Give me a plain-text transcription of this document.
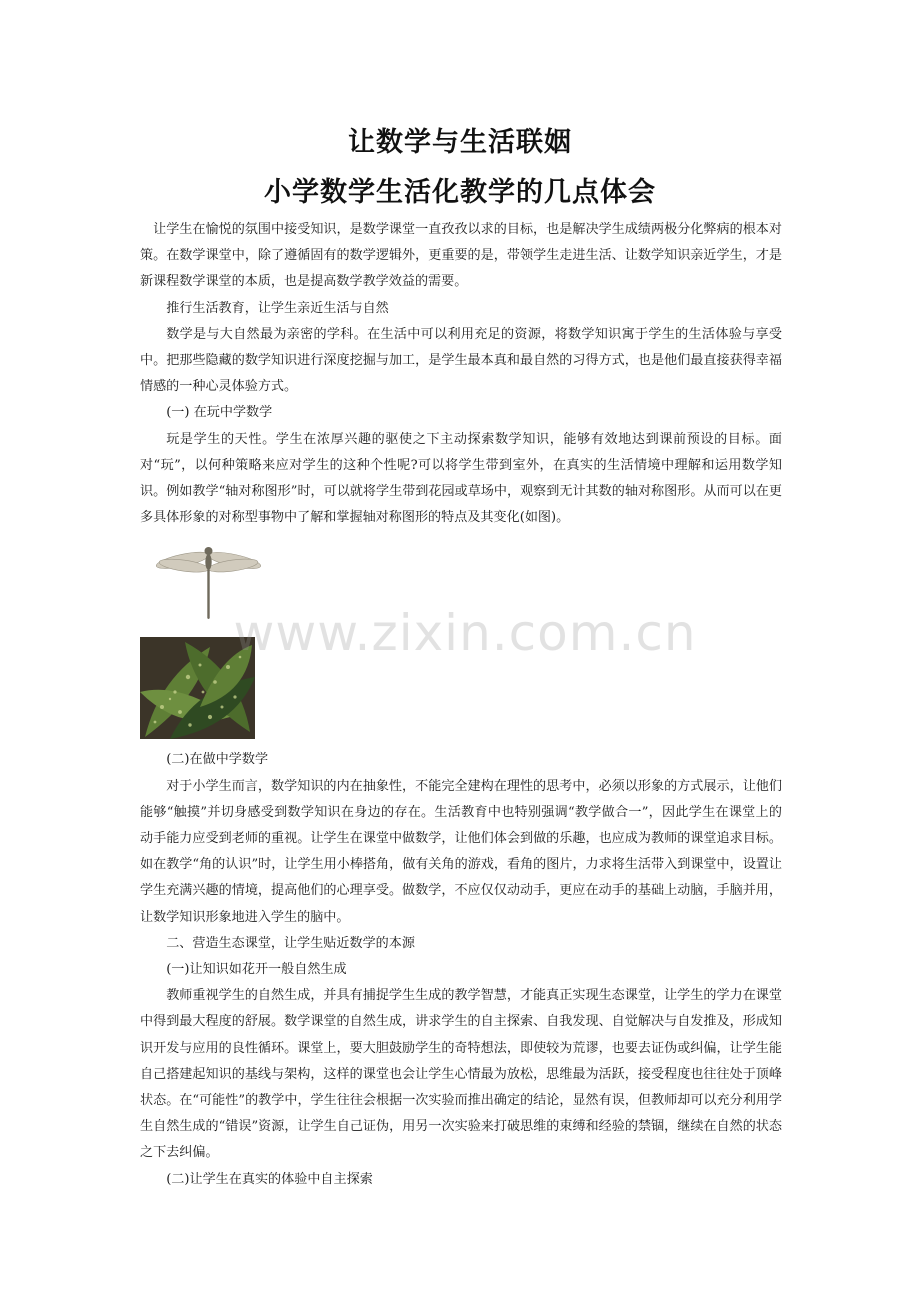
让数学与生活联姻
小学数学生活化教学的几点体会

让学生在愉悦的氛围中接受知识，是数学课堂一直孜孜以求的目标，也是解决学生成绩两极分化弊病的根本对策。在数学课堂中，除了遵循固有的数学逻辑外，更重要的是，带领学生走进生活、让数学知识亲近学生，才是新课程数学课堂的本质，也是提高数学教学效益的需要。

推行生活教育，让学生亲近生活与自然

数学是与大自然最为亲密的学科。在生活中可以利用充足的资源，将数学知识寓于学生的生活体验与享受中。把那些隐藏的数学知识进行深度挖掘与加工，是学生最本真和最自然的习得方式，也是他们最直接获得幸福情感的一种心灵体验方式。

(一) 在玩中学数学

玩是学生的天性。学生在浓厚兴趣的驱使之下主动探索数学知识，能够有效地达到课前预设的目标。面对“玩”，以何种策略来应对学生的这种个性呢?可以将学生带到室外，在真实的生活情境中理解和运用数学知识。例如教学“轴对称图形”时，可以就将学生带到花园或草场中，观察到无计其数的轴对称图形。从而可以在更多具体形象的对称型事物中了解和掌握轴对称图形的特点及其变化(如图)。

(二)在做中学数学

对于小学生而言，数学知识的内在抽象性，不能完全建构在理性的思考中，必须以形象的方式展示，让他们能够“触摸”并切身感受到数学知识在身边的存在。生活教育中也特别强调“教学做合一”，因此学生在课堂上的动手能力应受到老师的重视。让学生在课堂中做数学，让他们体会到做的乐趣，也应成为教师的课堂追求目标。如在教学“角的认识”时，让学生用小棒搭角，做有关角的游戏，看角的图片，力求将生活带入到课堂中，设置让学生充满兴趣的情境，提高他们的心理享受。做数学，不应仅仅动动手，更应在动手的基础上动脑，手脑并用，让数学知识形象地进入学生的脑中。

二、营造生态课堂，让学生贴近数学的本源

(一)让知识如花开一般自然生成

教师重视学生的自然生成，并具有捕捉学生生成的教学智慧，才能真正实现生态课堂，让学生的学力在课堂中得到最大程度的舒展。数学课堂的自然生成，讲求学生的自主探索、自我发现、自觉解决与自发推及，形成知识开发与应用的良性循环。课堂上，要大胆鼓励学生的奇特想法，即使较为荒谬，也要去证伪或纠偏，让学生能自己搭建起知识的基线与架构，这样的课堂也会让学生心情最为放松，思维最为活跃，接受程度也往往处于顶峰状态。在“可能性”的教学中，学生往往会根据一次实验而推出确定的结论，显然有误，但教师却可以充分利用学生自然生成的“错误”资源，让学生自己证伪，用另一次实验来打破思维的束缚和经验的禁锢，继续在自然的状态之下去纠偏。

(二)让学生在真实的体验中自主探索

www.zixin.com.cn
